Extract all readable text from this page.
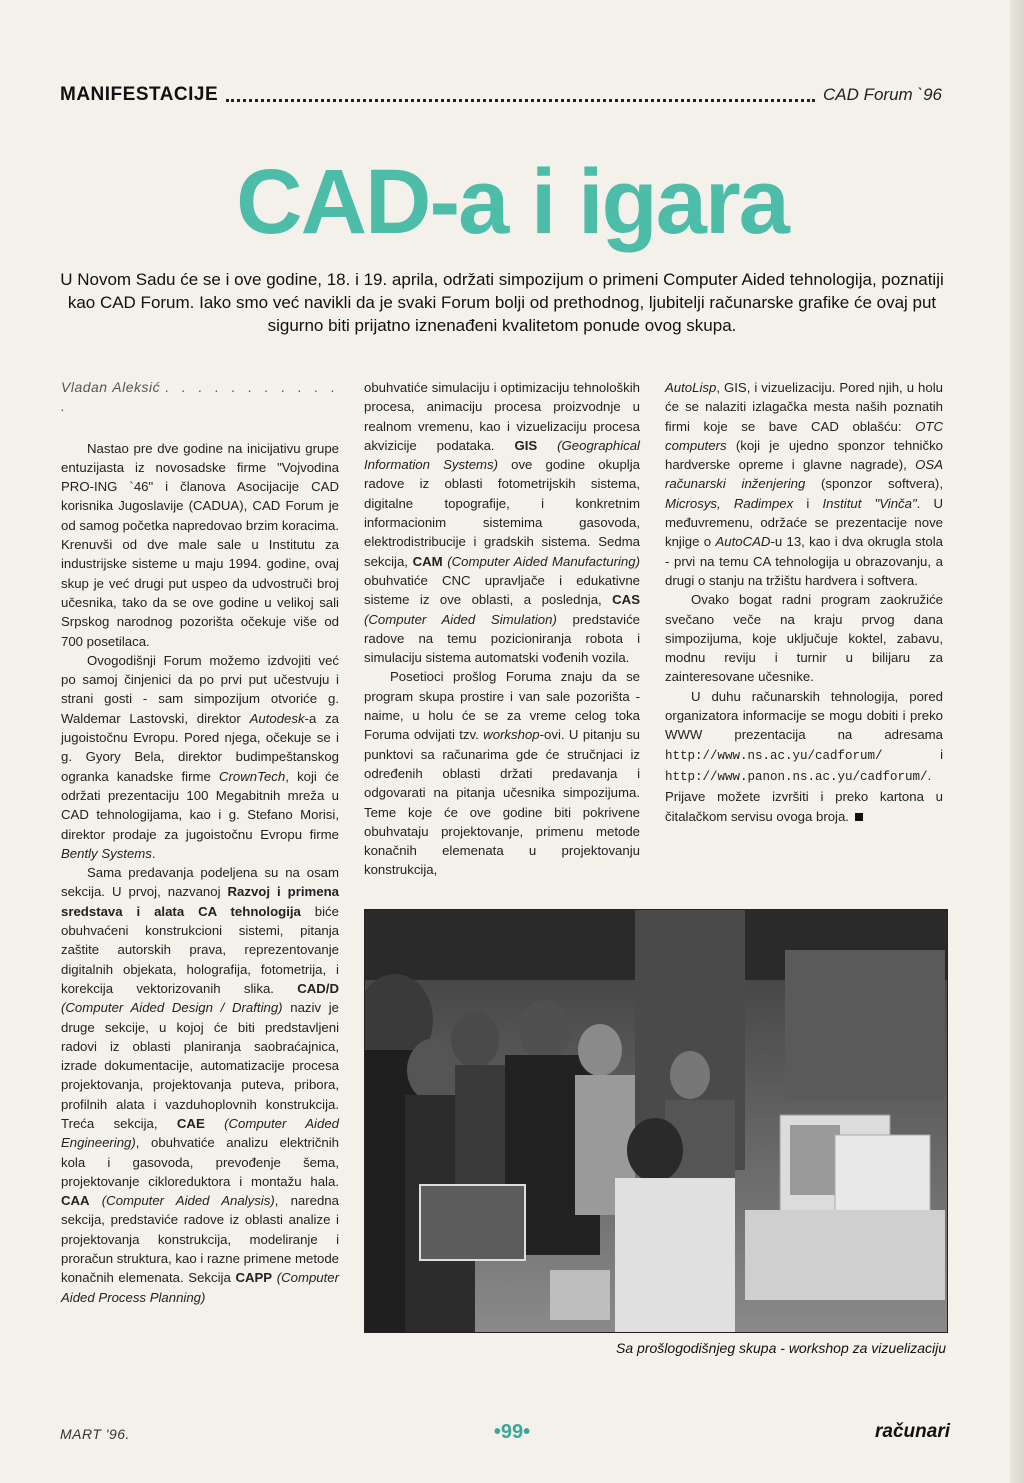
MANIFESTACIJE	CAD Forum `96
CAD-a i igara
U Novom Sadu će se i ove godine, 18. i 19. aprila, održati simpozijum o primeni Computer Aided tehnologija, poznatiji kao CAD Forum. Iako smo već navikli da je svaki Forum bolji od prethodnog, ljubitelji računarske grafike će ovaj put sigurno biti prijatno iznenađeni kvalitetom ponude ovog skupa.

Vladan Aleksić . . . . . . . . . . . .

Nastao pre dve godine na inicijativu grupe entuzijasta iz novosadske firme "Vojvodina PRO-ING `46" i članova Asocijacije CAD korisnika Jugoslavije (CADUA), CAD Forum je od samog početka napredovao brzim koracima. Krenuvši od dve male sale u Institutu za industrijske sisteme u maju 1994. godine, ovaj skup je već drugi put uspeo da udvostruči broj učesnika, tako da se ove godine u velikoj sali Srpskog narodnog pozorišta očekuje više od 700 posetilaca.

Ovogodišnji Forum možemo izdvojiti već po samoj činjenici da po prvi put učestvuju i strani gosti - sam simpozijum otvoriće g. Waldemar Lastovski, direktor Autodesk-a za jugoistočnu Evropu. Pored njega, očekuje se i g. Gyory Bela, direktor budimpeštanskog ogranka kanadske firme CrownTech, koji će održati prezentaciju 100 Megabitnih mreža u CAD tehnologijama, kao i g. Stefano Morisi, direktor prodaje za jugoistočnu Evropu firme Bently Systems.

Sama predavanja podeljena su na osam sekcija. U prvoj, nazvanoj Razvoj i primena sredstava i alata CA tehnologija biće obuhvaćeni konstrukcioni sistemi, pitanja zaštite autorskih prava, reprezentovanje digitalnih objekata, holografija, fotometrija, i korekcija vektorizovanih slika. CAD/D (Computer Aided Design / Drafting) naziv je druge sekcije, u kojoj će biti predstavljeni radovi iz oblasti planiranja saobraćajnica, izrade dokumentacije, automatizacije procesa projektovanja, projektovanja puteva, pribora, profilnih alata i vazduhoplovnih konstrukcija. Treća sekcija, CAE (Computer Aided Engineering), obuhvatiće analizu električnih kola i gasovoda, prevođenje šema, projektovanje cikloreduktora i montažu hala. CAA (Computer Aided Analysis), naredna sekcija, predstaviće radove iz oblasti analize i projektovanja konstrukcija, modeliranje i proračun struktura, kao i razne primene metode konačnih elemenata. Sekcija CAPP (Computer Aided Process Planning)

obuhvatiće simulaciju i optimizaciju tehnoloških procesa, animaciju procesa proizvodnje u realnom vremenu, kao i vizuelizaciju procesa akvizicije podataka. GIS (Geographical Information Systems) ove godine okuplja radove iz oblasti fotometrijskih sistema, digitalne topografije, i konkretnim informacionim sistemima gasovoda, elektrodistribucije i gradskih sistema. Sedma sekcija, CAM (Computer Aided Manufacturing) obuhvatiće CNC upravljače i edukativne sisteme iz ove oblasti, a poslednja, CAS (Computer Aided Simulation) predstaviće radove na temu pozicioniranja robota i simulaciju sistema automatski vođenih vozila.

Posetioci prošlog Foruma znaju da se program skupa prostire i van sale pozorišta - naime, u holu će se za vreme celog toka Foruma odvijati tzv. workshop-ovi. U pitanju su punktovi sa računarima gde će stručnjaci iz određenih oblasti držati predavanja i odgovarati na pitanja učesnika simpozijuma. Teme koje će ove godine biti pokrivene obuhvataju projektovanje, primenu metode konačnih elemenata u projektovanju konstrukcija,

AutoLisp, GIS, i vizuelizaciju. Pored njih, u holu će se nalaziti izlagačka mesta naših poznatih firmi koje se bave CAD oblašću: OTC computers (koji je ujedno sponzor tehničko hardverske opreme i glavne nagrade), OSA računarski inženjering (sponzor softvera), Microsys, Radimpex i Institut "Vinča". U međuvremenu, održaće se prezentacije nove knjige o AutoCAD-u 13, kao i dva okrugla stola - prvi na temu CA tehnologija u obrazovanju, a drugi o stanju na tržištu hardvera i softvera.

Ovako bogat radni program zaokružiće svečano veče na kraju prvog dana simpozijuma, koje uključuje koktel, zabavu, modnu reviju i turnir u bilijaru za zainteresovane učesnike.

U duhu računarskih tehnologija, pored organizatora informacije se mogu dobiti i preko WWW prezentacija na adresama http://www.ns.ac.yu/cadforum/ i http://www.panon.ns.ac.yu/cadforum/. Prijave možete izvršiti i preko kartona u čitalačkom servisu ovoga broja.

Sa prošlogodišnjeg skupa - workshop za vizuelizaciju
MART '96.	•99•	računari
